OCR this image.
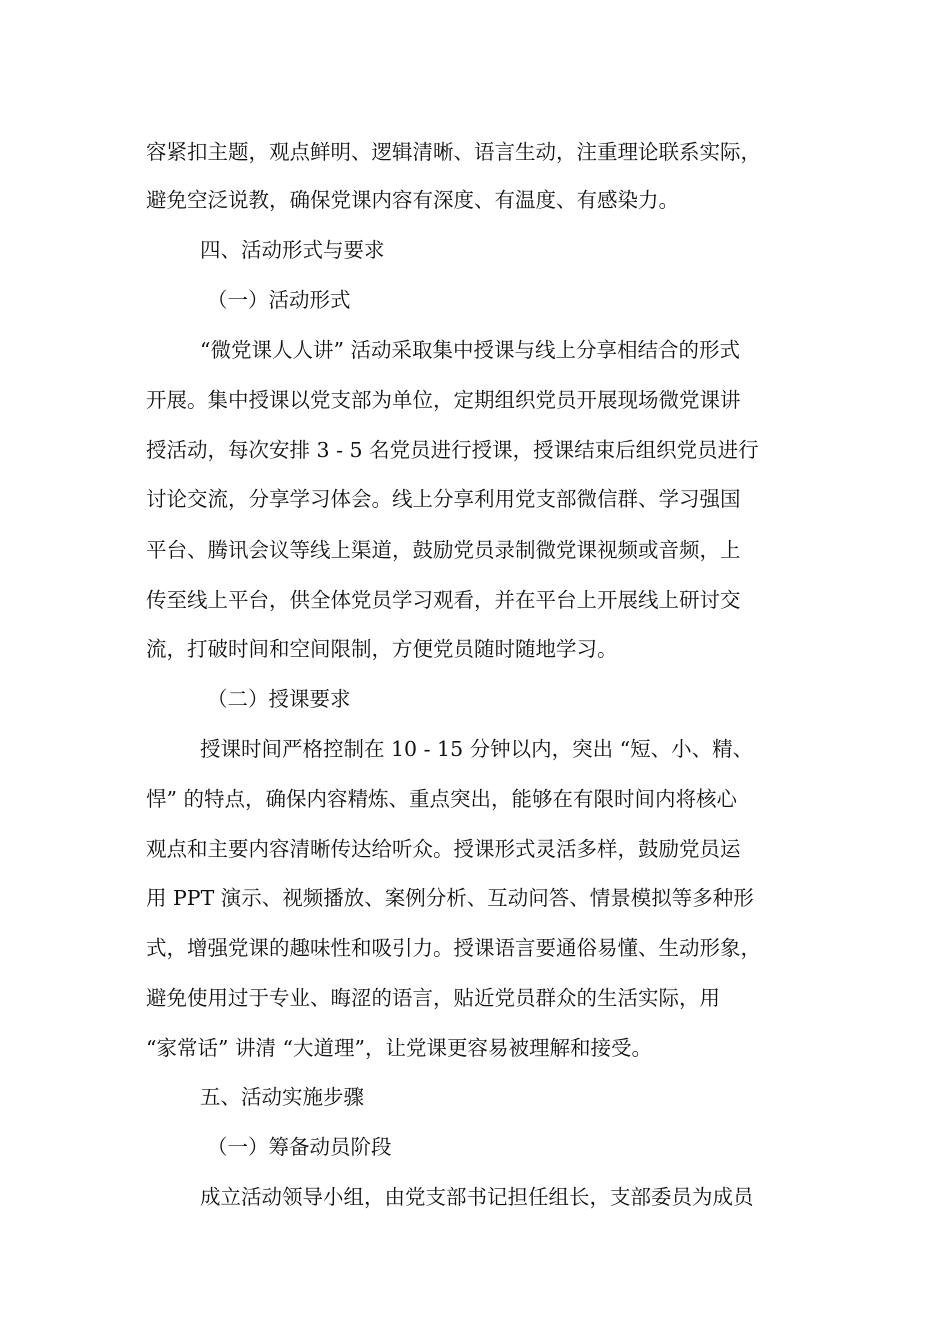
容紧扣主题，观点鲜明、逻辑清晰、语言生动，注重理论联系实际，
避免空泛说教，确保党课内容有深度、有温度、有感染力。
四、活动形式与要求
（一）活动形式
“微党课人人讲” 活动采取集中授课与线上分享相结合的形式
开展。集中授课以党支部为单位，定期组织党员开展现场微党课讲
授活动，每次安排 3 - 5 名党员进行授课，授课结束后组织党员进行
讨论交流，分享学习体会。线上分享利用党支部微信群、学习强国
平台、腾讯会议等线上渠道，鼓励党员录制微党课视频或音频，上
传至线上平台，供全体党员学习观看，并在平台上开展线上研讨交
流，打破时间和空间限制，方便党员随时随地学习。
（二）授课要求
授课时间严格控制在 10 - 15 分钟以内，突出 “短、小、精、
悍” 的特点，确保内容精炼、重点突出，能够在有限时间内将核心
观点和主要内容清晰传达给听众。授课形式灵活多样，鼓励党员运
用 PPT 演示、视频播放、案例分析、互动问答、情景模拟等多种形
式，增强党课的趣味性和吸引力。授课语言要通俗易懂、生动形象，
避免使用过于专业、晦涩的语言，贴近党员群众的生活实际，用
“家常话” 讲清 “大道理”，让党课更容易被理解和接受。
五、活动实施步骤
（一）筹备动员阶段
成立活动领导小组，由党支部书记担任组长，支部委员为成员
